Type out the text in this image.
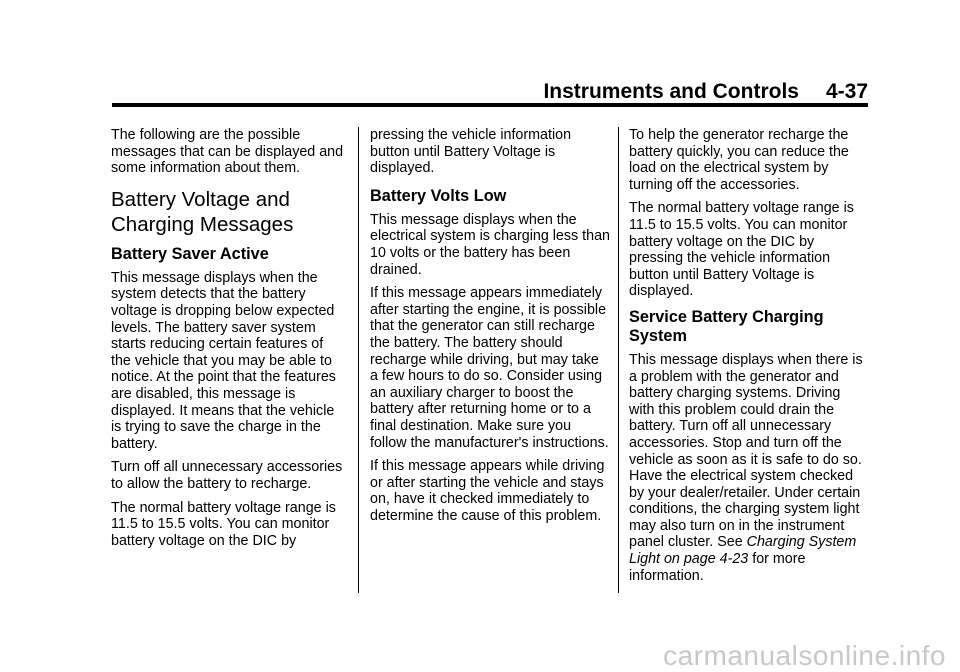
Instruments and Controls 4-37

The following are the possible messages that can be displayed and some information about them.

Battery Voltage and Charging Messages
Battery Saver Active

This message displays when the system detects that the battery voltage is dropping below expected levels. The battery saver system starts reducing certain features of the vehicle that you may be able to notice. At the point that the features are disabled, this message is displayed. It means that the vehicle is trying to save the charge in the battery.

Turn off all unnecessary accessories to allow the battery to recharge.

The normal battery voltage range is 11.5 to 15.5 volts. You can monitor battery voltage on the DIC by

pressing the vehicle information button until Battery Voltage is displayed.

Battery Volts Low

This message displays when the electrical system is charging less than 10 volts or the battery has been drained.

If this message appears immediately after starting the engine, it is possible that the generator can still recharge the battery. The battery should recharge while driving, but may take a few hours to do so. Consider using an auxiliary charger to boost the battery after returning home or to a final destination. Make sure you follow the manufacturer's instructions.

If this message appears while driving or after starting the vehicle and stays on, have it checked immediately to determine the cause of this problem.

To help the generator recharge the battery quickly, you can reduce the load on the electrical system by turning off the accessories.

The normal battery voltage range is 11.5 to 15.5 volts. You can monitor battery voltage on the DIC by pressing the vehicle information button until Battery Voltage is displayed.

Service Battery Charging System

This message displays when there is a problem with the generator and battery charging systems. Driving with this problem could drain the battery. Turn off all unnecessary accessories. Stop and turn off the vehicle as soon as it is safe to do so. Have the electrical system checked by your dealer/retailer. Under certain conditions, the charging system light may also turn on in the instrument panel cluster. See Charging System Light on page 4-23 for more information.

carmanualsonline.info
